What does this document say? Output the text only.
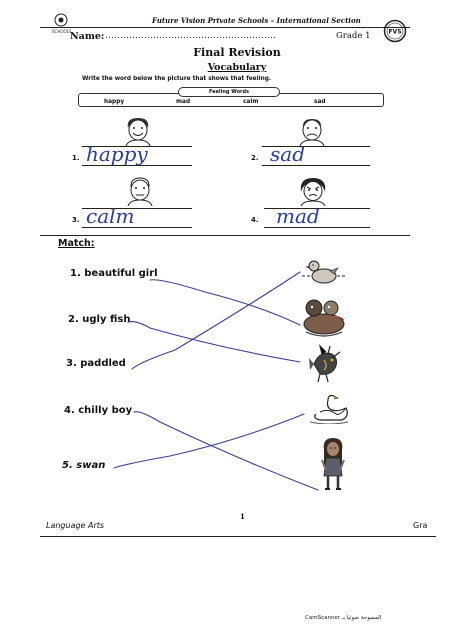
SCHOOLS
Future Vision Private Schools – International Section
Name: …………………………………………………	Grade 1	FVS
Final Revision
Vocabulary
Write the word below the picture that shows that feeling.
Feeling Words
happy	mad	calm	sad
1. happy	2. sad
3. calm	4. mad
Match:
1. beautiful girl
2. ugly fish
3. paddled
4. chilly boy
5. swan
1
Language Arts	Gra
CamScanner المسوحة ضوئيا بـ
